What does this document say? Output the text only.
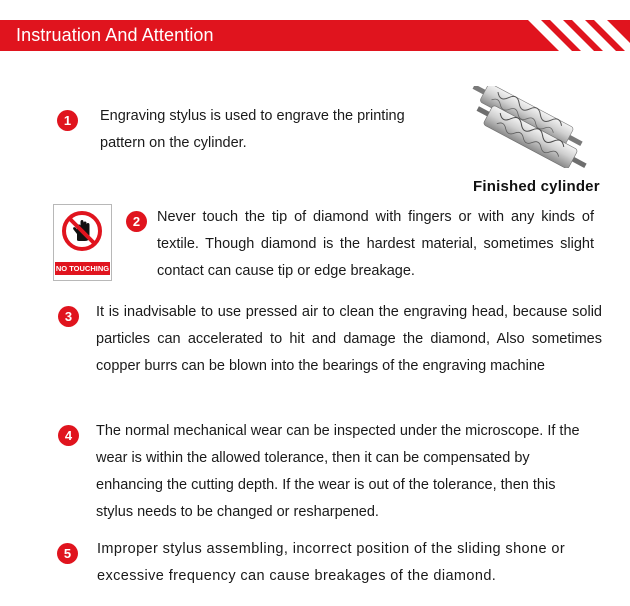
Instruation And Attention
1	Engraving stylus is used to engrave the printing pattern on the cylinder.

Finished cylinder
NO TOUCHING
2	Never touch the tip of diamond with fingers or with any kinds of textile. Though diamond is the hardest material, sometimes slight contact can cause tip or edge breakage.

3	It is inadvisable to use pressed air to clean the engraving head, because solid particles can accelerated to hit and damage the diamond, Also sometimes copper burrs can be blown into the bearings of the engraving machine

4	The normal mechanical wear can be inspected under the microscope. If the wear is within the allowed tolerance, then it can be compensated by enhancing the cutting depth. If the wear is out of the tolerance, then this stylus needs to be changed or resharpened.

5	Improper stylus assembling, incorrect position of the sliding shone or excessive frequency can cause breakages of the diamond.
